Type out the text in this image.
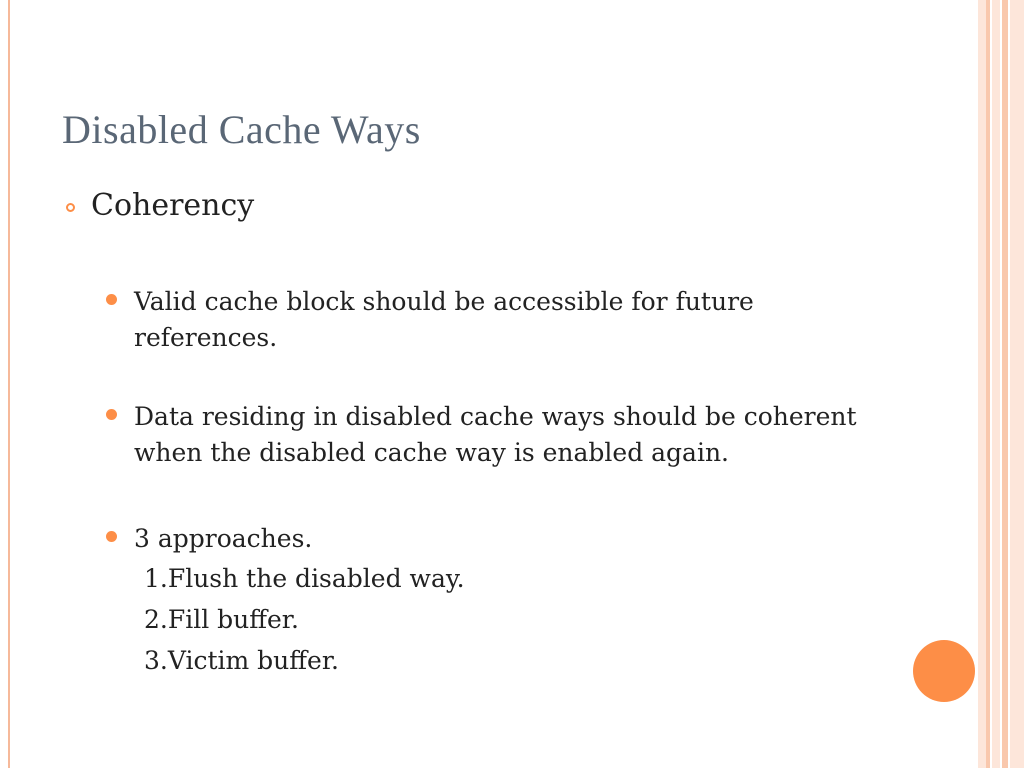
Disabled Cache Ways
Coherency
Valid cache block should be accessible for future references.
Data residing in disabled cache ways should be coherent when the disabled cache way is enabled again.
3 approaches.
1.Flush the disabled way.
2.Fill buffer.
3.Victim buffer.
